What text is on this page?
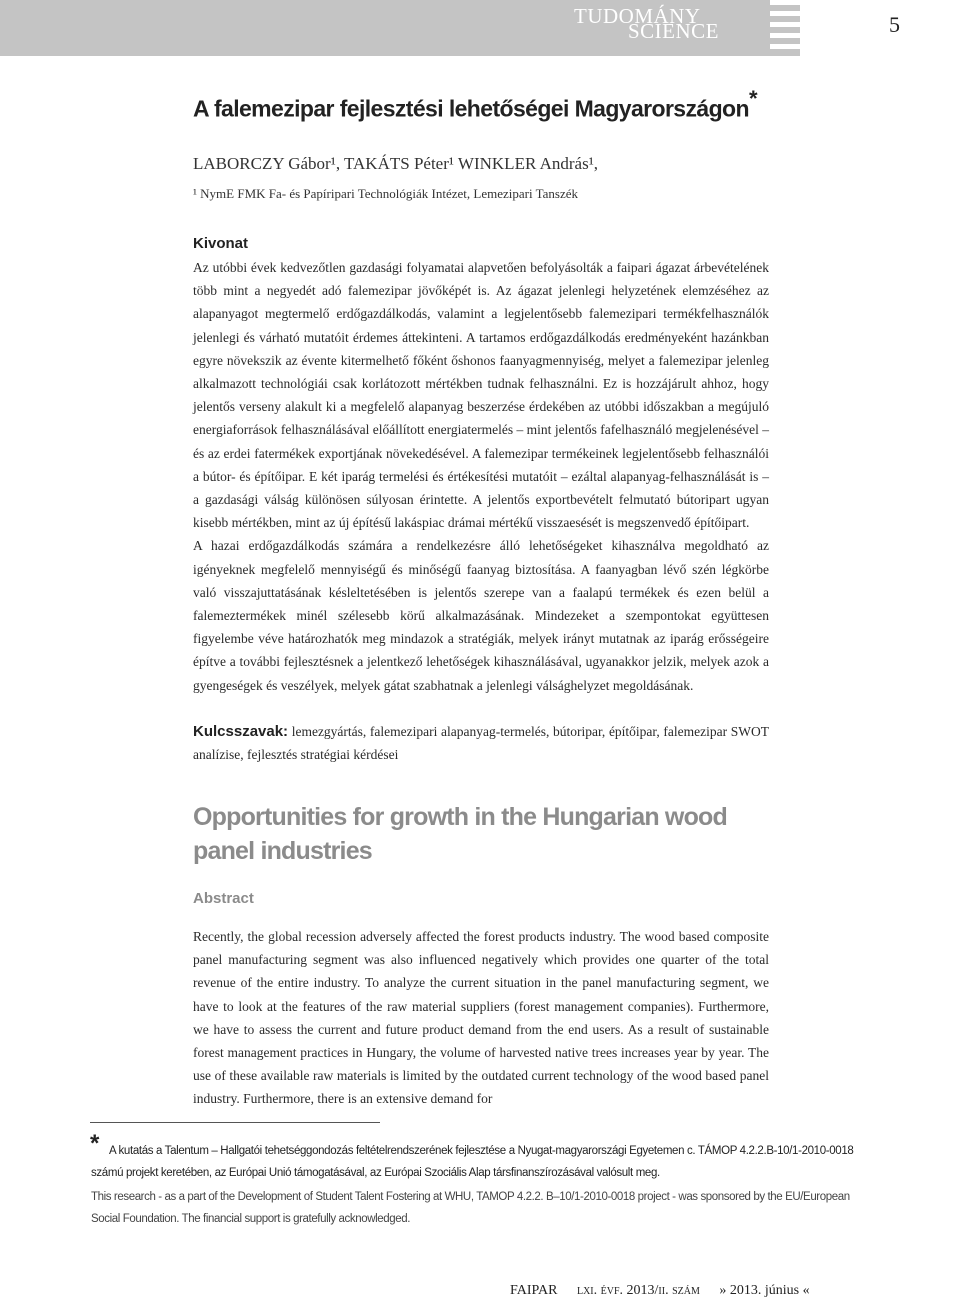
TUDOMÁNY
SCIENCE	5
A falemezipar fejlesztési lehetőségei Magyarországon*
LABORCZY Gábor¹, TAKÁTS Péter¹ WINKLER András¹,
¹ NymE FMK Fa- és Papíripari Technológiák Intézet, Lemezipari Tanszék
Kivonat

Az utóbbi évek kedvezőtlen gazdasági folyamatai alapvetően befolyásolták a faipari ágazat árbevételének több mint a negyedét adó falemezipar jövőképét is. Az ágazat jelenlegi helyzetének elemzéséhez az alapanyagot megtermelő erdőgazdálkodás, valamint a legjelentősebb falemezipari termékfelhasználók jelenlegi és várható mutatóit érdemes áttekinteni. A tartamos erdőgazdálkodás eredményeként hazánkban egyre növekszik az évente kitermelhető főként őshonos faanyagmennyiség, melyet a falemezipar jelenleg alkalmazott technológiái csak korlátozott mértékben tudnak felhasználni. Ez is hozzájárult ahhoz, hogy jelentős verseny alakult ki a megfelelő alapanyag beszerzése érdekében az utóbbi időszakban a megújuló energiaforrások felhasználásával előállított energiatermelés – mint jelentős fafelhasználó megjelenésével – és az erdei fatermékek exportjának növekedésével. A falemezipar termékeinek legjelentősebb felhasználói a bútor- és építőipar. E két iparág termelési és értékesítési mutatóit – ezáltal alapanyag-felhasználását is – a gazdasági válság különösen súlyosan érintette. A jelentős exportbevételt felmutató bútoripart ugyan kisebb mértékben, mint az új építésű lakáspiac drámai mértékű visszaesését is megszenvedő építőipart.

A hazai erdőgazdálkodás számára a rendelkezésre álló lehetőségeket kihasználva megoldható az igényeknek megfelelő mennyiségű és minőségű faanyag biztosítása. A faanyagban lévő szén légkörbe való visszajuttatásának késleltetésében is jelentős szerepe van a faalapú termékek és ezen belül a falemeztermékek minél szélesebb körű alkalmazásának. Mindezeket a szempontokat együttesen figyelembe véve határozhatók meg mindazok a stratégiák, melyek irányt mutatnak az iparág erősségeire építve a további fejlesztésnek a jelentkező lehetőségek kihasználásával, ugyanakkor jelzik, melyek azok a gyengeségek és veszélyek, melyek gátat szabhatnak a jelenlegi válsághelyzet megoldásának.

Kulcsszavak: lemezgyártás, falemezipari alapanyag-termelés, bútoripar, építőipar, falemezipar SWOT analízise, fejlesztés stratégiai kérdései
Opportunities for growth in the Hungarian wood panel industries
Abstract

Recently, the global recession adversely affected the forest products industry. The wood based composite panel manufacturing segment was also influenced negatively which provides one quarter of the total revenue of the entire industry. To analyze the current situation in the panel manufacturing segment, we have to look at the features of the raw material suppliers (forest management companies). Furthermore, we have to assess the current and future product demand from the end users. As a result of sustainable forest management practices in Hungary, the volume of harvested native trees increases year by year. The use of these available raw materials is limited by the outdated current technology of the wood based panel industry. Furthermore, there is an extensive demand for

* A kutatás a Talentum – Hallgatói tehetséggondozás feltételrendszerének fejlesztése a Nyugat-magyarországi Egyetemen c. TÁMOP 4.2.2.B-10/1-2010-0018 számú projekt keretében, az Európai Unió támogatásával, az Európai Szociális Alap társfinanszírozásával valósult meg.

This research - as a part of the Development of Student Talent Fostering at WHU, TAMOP 4.2.2. B–10/1-2010-0018 project - was sponsored by the EU/European Social Foundation. The financial support is gratefully acknowledged.

FAIPAR lxi. évf. 2013/ii. szám » 2013. június «
